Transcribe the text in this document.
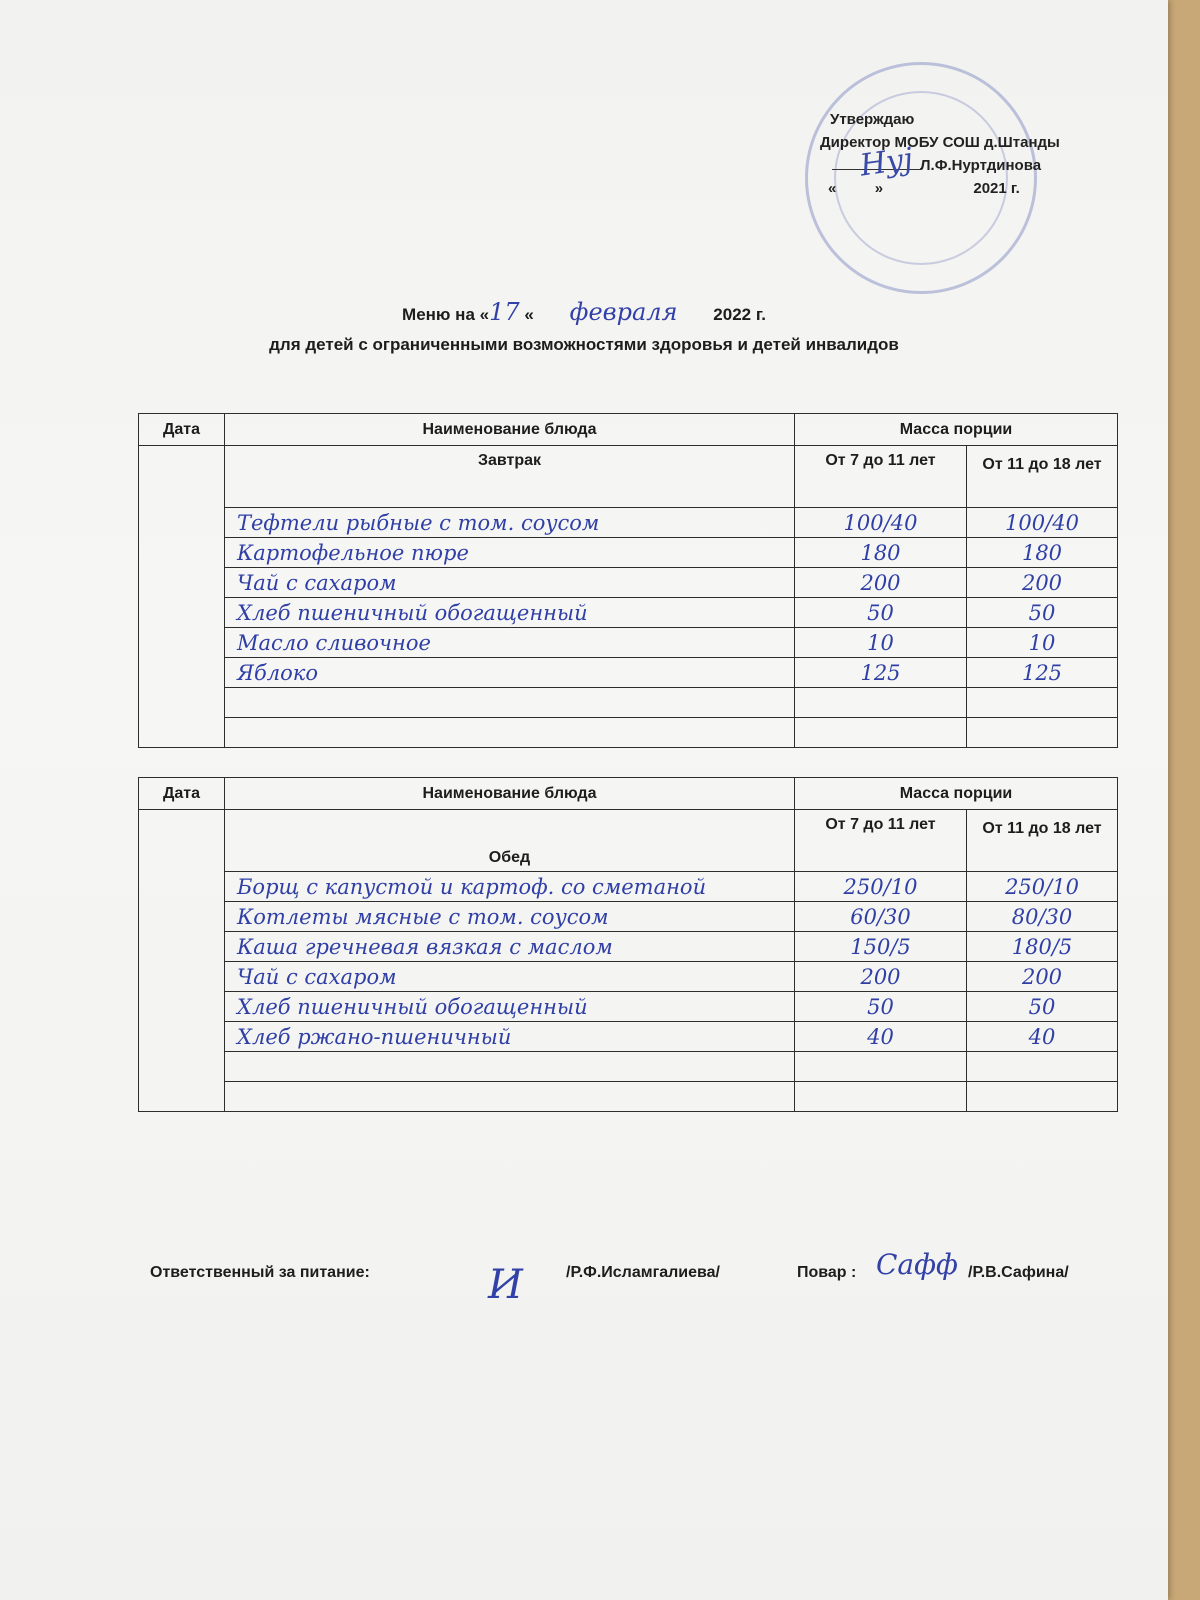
Утверждаю
Директор МОБУ СОШ д.Штанды
Л.Ф.Нуртдинова
«	»	2021 г.
Нуј
Меню на «17 « февраля 2022 г.
для детей с ограниченными возможностями здоровья и детей инвалидов
Дата	Наименование блюда	Масса порции	
	Завтрак	От 7 до 11 лет	От 11 до 18 лет
	Тефтели рыбные с том. соусом	100/40	100/40
	Картофельное пюре	180	180
	Чай с сахаром	200	200
	Хлеб пшеничный обогащенный	50	50
	Масло сливочное	10	10
	Яблоко	125	125

Дата	Наименование блюда	Масса порции	
	Обед	От 7 до 11 лет	От 11 до 18 лет
	Борщ с капустой и картоф. со сметаной	250/10	250/10
	Котлеты мясные с том. соусом	60/30	80/30
	Каша гречневая вязкая с маслом	150/5	180/5
	Чай с сахаром	200	200
	Хлеб пшеничный обогащенный	50	50
	Хлеб ржано-пшеничный	40	40

Ответственный за питание:	И	/Р.Ф.Исламгалиева/	Повар : Сафф /Р.В.Сафина/
